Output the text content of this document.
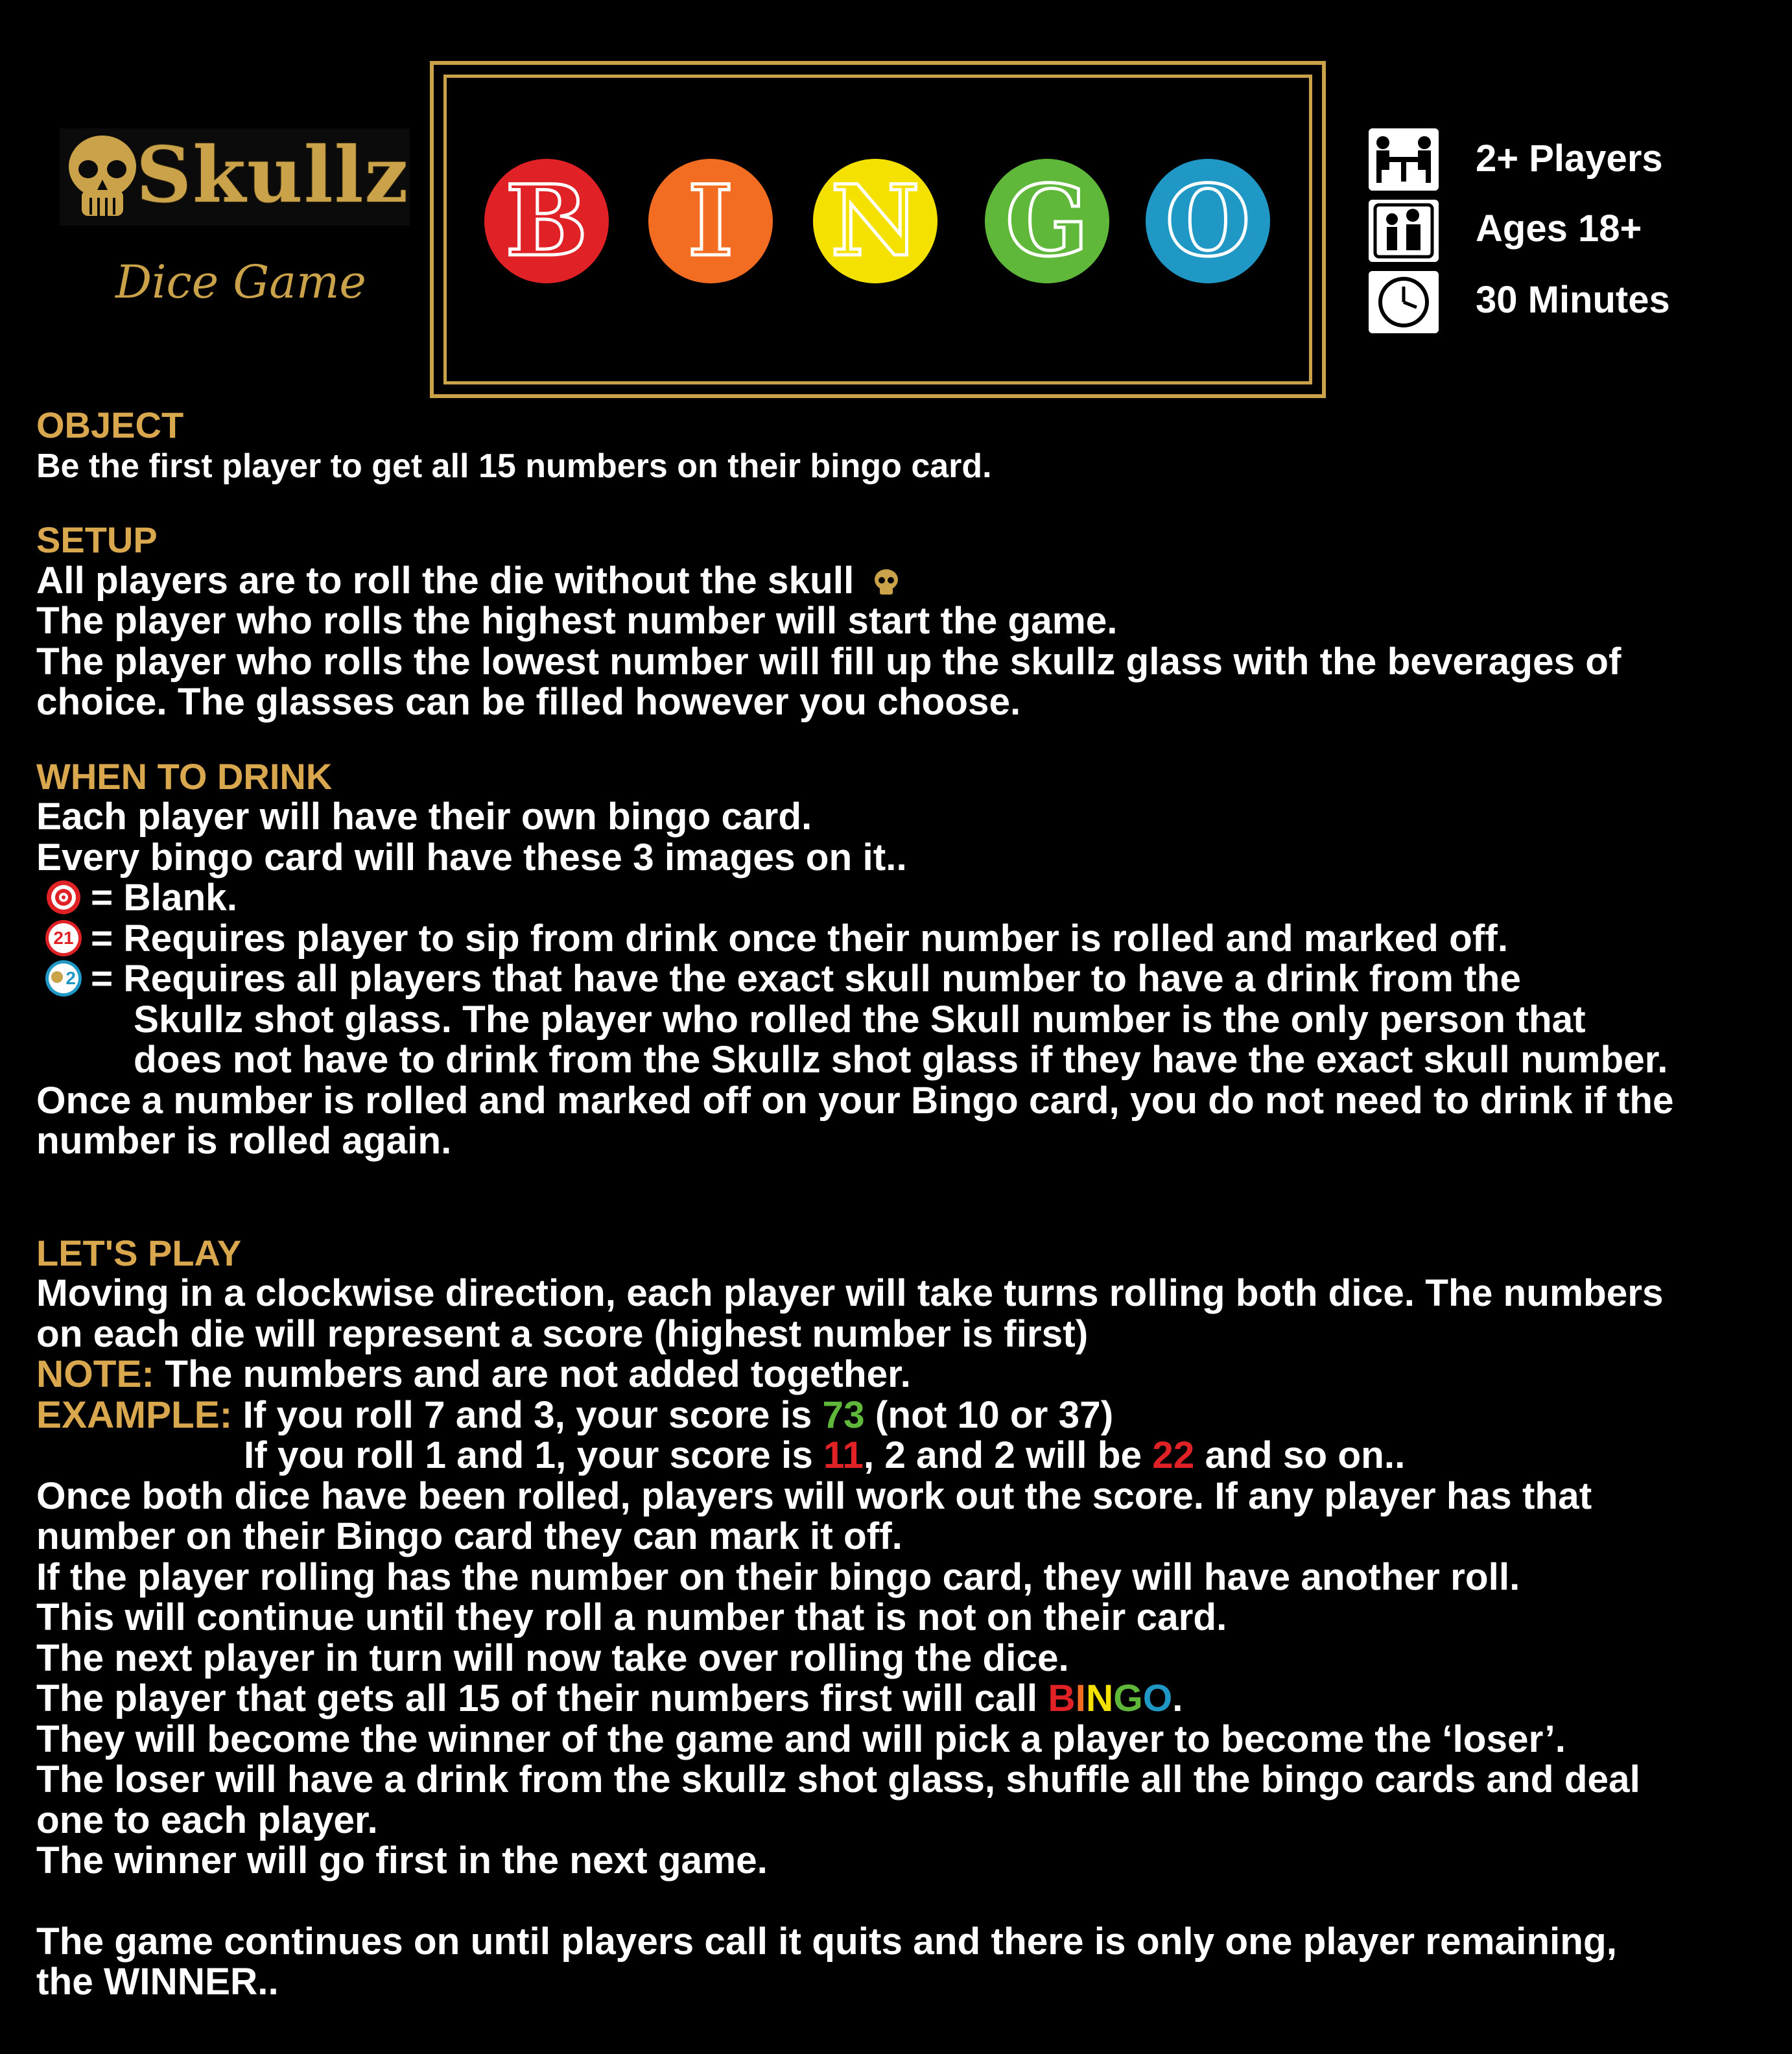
Skullz
Dice Game
B	I	N G O
2+ Players
Ages 18+
30 Minutes
OBJECT
Be the first player to get all 15 numbers on their bingo card.
SETUP
All players are to roll the die without the skull
The player who rolls the highest number will start the game.
The player who rolls the lowest number will fill up the skullz glass with the beverages of
choice. The glasses can be filled however you choose.
WHEN TO DRINK
Each player will have their own bingo card.
Every bingo card will have these 3 images on it..
= Blank.
21 = Requires player to sip from drink once their number is rolled and marked off.
2 = Requires all players that have the exact skull number to have a drink from the
Skullz shot glass. The player who rolled the Skull number is the only person that
does not have to drink from the Skullz shot glass if they have the exact skull number.
Once a number is rolled and marked off on your Bingo card, you do not need to drink if the
number is rolled again.
LET'S PLAY
Moving in a clockwise direction, each player will take turns rolling both dice. The numbers
on each die will represent a score (highest number is first)
NOTE: The numbers and are not added together.
EXAMPLE: If you roll 7 and 3, your score is 73 (not 10 or 37)
If you roll 1 and 1, your score is 11, 2 and 2 will be 22 and so on..
Once both dice have been rolled, players will work out the score. If any player has that
number on their Bingo card they can mark it off.
If the player rolling has the number on their bingo card, they will have another roll.
This will continue until they roll a number that is not on their card.
The next player in turn will now take over rolling the dice.
The player that gets all 15 of their numbers first will call BINGO.
They will become the winner of the game and will pick a player to become the ‘loser’.
The loser will have a drink from the skullz shot glass, shuffle all the bingo cards and deal
one to each player.
The winner will go first in the next game.
The game continues on until players call it quits and there is only one player remaining,
the WINNER..
